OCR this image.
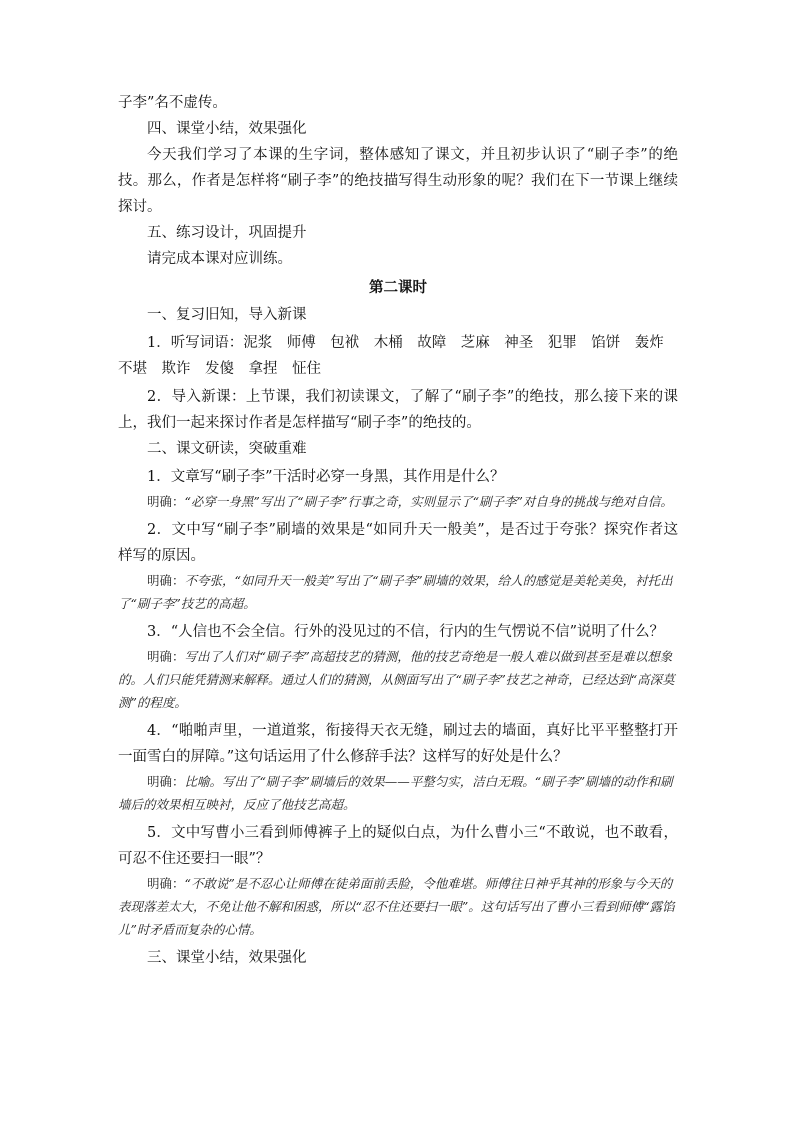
子李”名不虚传。

四、课堂小结，效果强化

今天我们学习了本课的生字词，整体感知了课文，并且初步认识了“刷子李”的绝技。那么，作者是怎样将“刷子李”的绝技描写得生动形象的呢？我们在下一节课上继续探讨。

五、练习设计，巩固提升

请完成本课对应训练。

第二课时

一、复习旧知，导入新课

1．听写词语：泥浆　师傅　包袱　木桶　故障　芝麻　神圣　犯罪　馅饼　轰炸　不堪　欺诈　发傻　拿捏　怔住

2．导入新课：上节课，我们初读课文，了解了“刷子李”的绝技，那么接下来的课上，我们一起来探讨作者是怎样描写“刷子李”的绝技的。

二、课文研读，突破重难

1．文章写“刷子李”干活时必穿一身黑，其作用是什么？

明确：“必穿一身黑”写出了“刷子李”行事之奇，实则显示了“刷子李”对自身的挑战与绝对自信。

2．文中写“刷子李”刷墙的效果是“如同升天一般美”，是否过于夸张？探究作者这样写的原因。

明确：不夸张，“如同升天一般美”写出了“刷子李”刷墙的效果，给人的感觉是美轮美奂，衬托出了“刷子李”技艺的高超。

3．“人信也不会全信。行外的没见过的不信，行内的生气愣说不信”说明了什么？

明确：写出了人们对“刷子李”高超技艺的猜测，他的技艺奇绝是一般人难以做到甚至是难以想象的。人们只能凭猜测来解释。通过人们的猜测，从侧面写出了“刷子李”技艺之神奇，已经达到“高深莫测”的程度。

4．“啪啪声里，一道道浆，衔接得天衣无缝，刷过去的墙面，真好比平平整整打开一面雪白的屏障。”这句话运用了什么修辞手法？这样写的好处是什么？

明确：比喻。写出了“刷子李”刷墙后的效果——平整匀实，洁白无瑕。“刷子李”刷墙的动作和刷墙后的效果相互映衬，反应了他技艺高超。

5．文中写曹小三看到师傅裤子上的疑似白点，为什么曹小三“不敢说，也不敢看，可忍不住还要扫一眼”？

明确：“不敢说”是不忍心让师傅在徒弟面前丢脸，令他难堪。师傅往日神乎其神的形象与今天的表现落差太大，不免让他不解和困惑，所以“忍不住还要扫一眼”。这句话写出了曹小三看到师傅“露馅儿”时矛盾而复杂的心情。

三、课堂小结，效果强化
